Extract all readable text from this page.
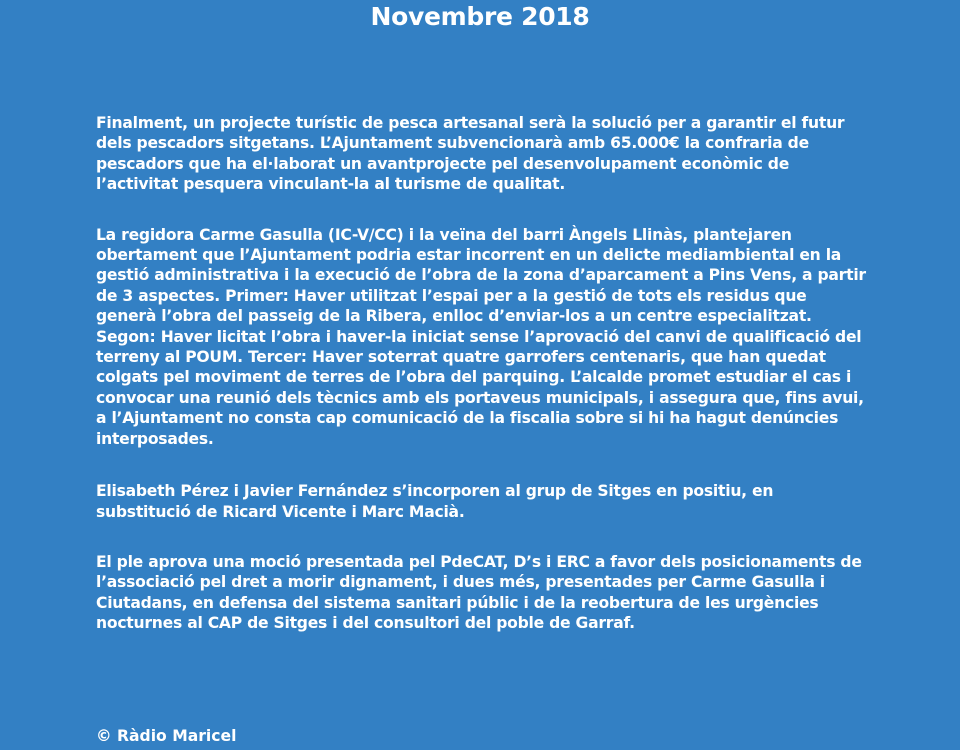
Novembre 2018

Finalment, un projecte turístic de pesca artesanal serà la solució per a garantir el futur dels pescadors sitgetans. L’Ajuntament subvencionarà amb 65.000€ la confraria de pescadors que ha el·laborat un avantprojecte pel desenvolupament econòmic de l’activitat pesquera vinculant-la al turisme de qualitat.

La regidora Carme Gasulla (IC-V/CC) i la veïna del barri Àngels Llinàs, plantejaren obertament que l’Ajuntament podria estar incorrent en un delicte mediambiental en la gestió administrativa i la execució de l’obra de la zona d’aparcament a Pins Vens, a partir de 3 aspectes. Primer: Haver utilitzat l’espai per a la gestió de tots els residus que generà l’obra del passeig de la Ribera, enlloc d’enviar-los a un centre especialitzat. Segon: Haver licitat l’obra i haver-la iniciat sense l’aprovació del canvi de qualificació del terreny al POUM. Tercer: Haver soterrat quatre garrofers centenaris, que han quedat colgats pel moviment de terres de l’obra del parquing. L’alcalde promet estudiar el cas i convocar una reunió dels tècnics amb els portaveus municipals, i assegura que, fins avui, a l’Ajuntament no consta cap comunicació de la fiscalia sobre si hi ha hagut denúncies interposades.

Elisabeth Pérez i Javier Fernández s’incorporen al grup de Sitges en positiu, en substitució de Ricard Vicente i Marc Macià.

El ple aprova una moció presentada pel PdeCAT, D’s i ERC a favor dels posicionaments de l’associació pel dret a morir dignament, i dues més, presentades per Carme Gasulla i Ciutadans, en defensa del sistema sanitari públic i de la reobertura de les urgències nocturnes al CAP de Sitges i del consultori del poble de Garraf.

© Ràdio Maricel
